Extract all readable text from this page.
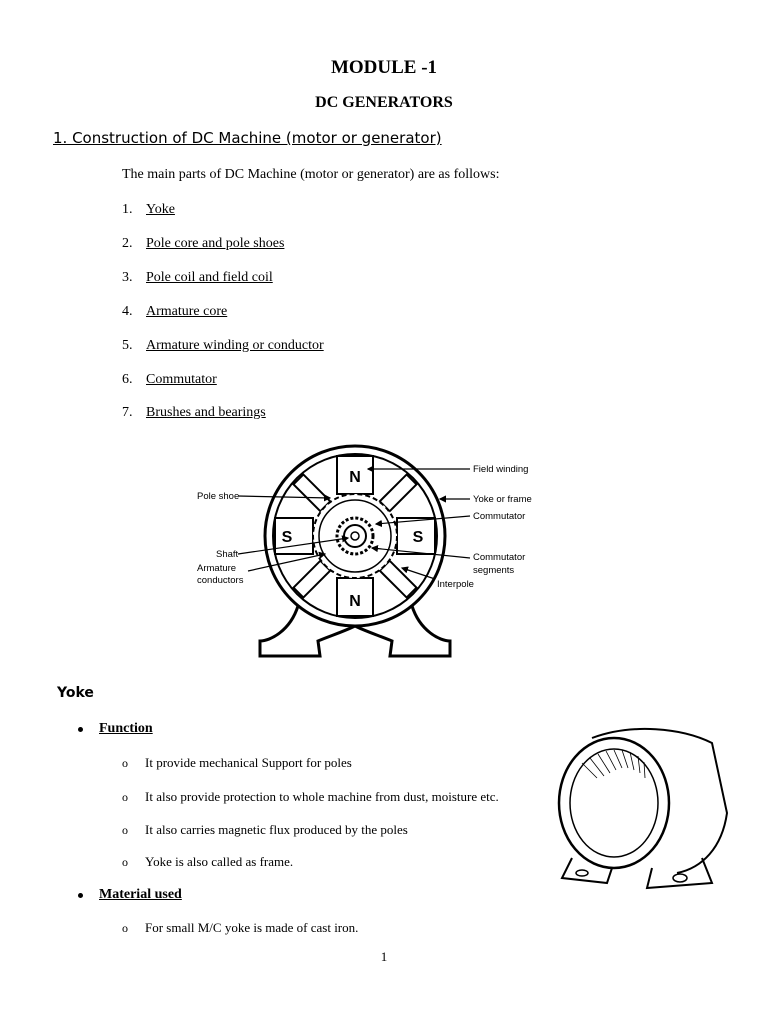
MODULE -1
DC GENERATORS
1. Construction of DC Machine (motor or generator)
The main parts of DC Machine (motor or generator) are as follows:
1. Yoke
2. Pole core and pole shoes
3. Pole coil and field coil
4. Armature core
5. Armature winding or conductor
6. Commutator
7. Brushes and bearings
N
N
S	S
Field winding
Yoke or frame
Commutator
Commutator
segments
Interpole
Pole shoe
Shaft
Armature
conductors
Yoke
Function
o It provide mechanical Support for poles
o It also provide protection to whole machine from dust, moisture etc.
o It also carries magnetic flux produced by the poles
o Yoke is also called as frame.
Material used
o For small M/C yoke is made of cast iron.
1
